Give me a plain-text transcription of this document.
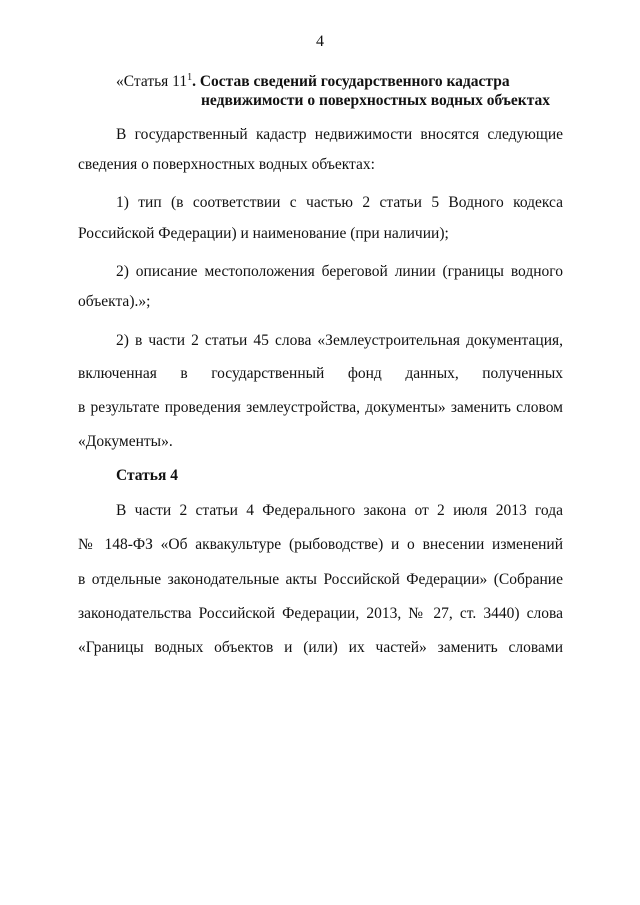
4
«Статья $11^1$. Состав сведений государственного кадастра
недвижимости о поверхностных водных объектах
В государственный кадастр недвижимости вносятся следующие
сведения о поверхностных водных объектах:
1) тип (в соответствии с частью 2 статьи 5 Водного кодекса
Российской Федерации) и наименование (при наличии);
2) описание местоположения береговой линии (границы водного
объекта).»;
2) в части 2 статьи 45 слова «Землеустроительная документация,
включенная в государственный фонд данных, полученных
в результате проведения землеустройства, документы» заменить словом
«Документы».
Статья 4
В части 2 статьи 4 Федерального закона от 2 июля 2013 года
№ 148-ФЗ «Об аквакультуре (рыбоводстве) и о внесении изменений
в отдельные законодательные акты Российской Федерации» (Собрание
законодательства Российской Федерации, 2013, № 27, ст. 3440) слова
«Границы водных объектов и (или) их частей» заменить словами
